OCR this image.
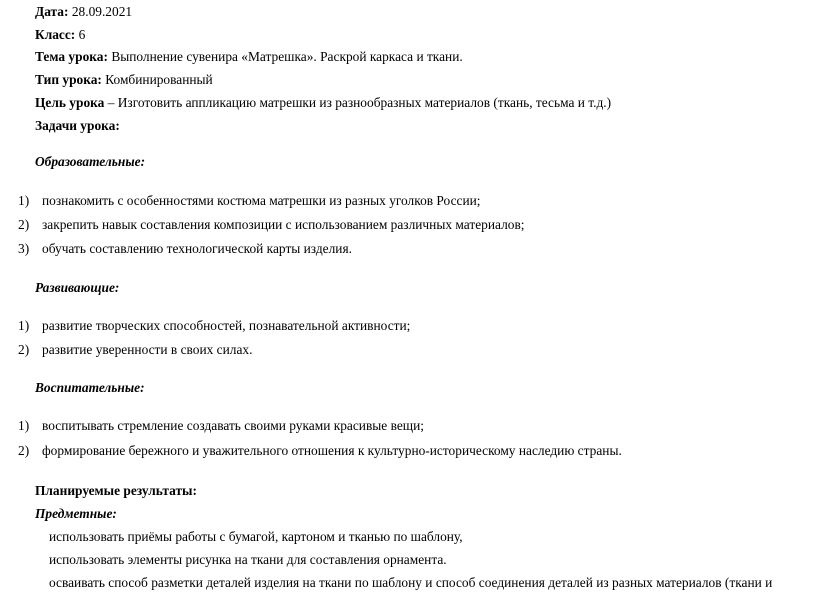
Дата: 28.09.2021
Класс: 6
Тема урока: Выполнение сувенира «Матрешка». Раскрой каркаса и ткани.
Тип урока: Комбинированный
Цель урока – Изготовить аппликацию матрешки из разнообразных материалов (ткань, тесьма и т.д.)
Задачи урока:
Образовательные:
1) познакомить с особенностями костюма матрешки из разных уголков России;
2) закрепить навык составления композиции с использованием различных материалов;
3) обучать составлению технологической карты изделия.
Развивающие:
1) развитие творческих способностей, познавательной активности;
2) развитие уверенности в своих силах.
Воспитательные:
1) воспитывать стремление создавать своими руками красивые вещи;
2) формирование бережного и уважительного отношения к культурно-историческому наследию страны.
Планируемые результаты:
Предметные:
использовать приёмы работы с бумагой, картоном и тканью по шаблону,
использовать элементы рисунка на ткани для составления орнамента.
осваивать способ разметки деталей изделия на ткани по шаблону и способ соединения деталей из разных материалов (ткани и
